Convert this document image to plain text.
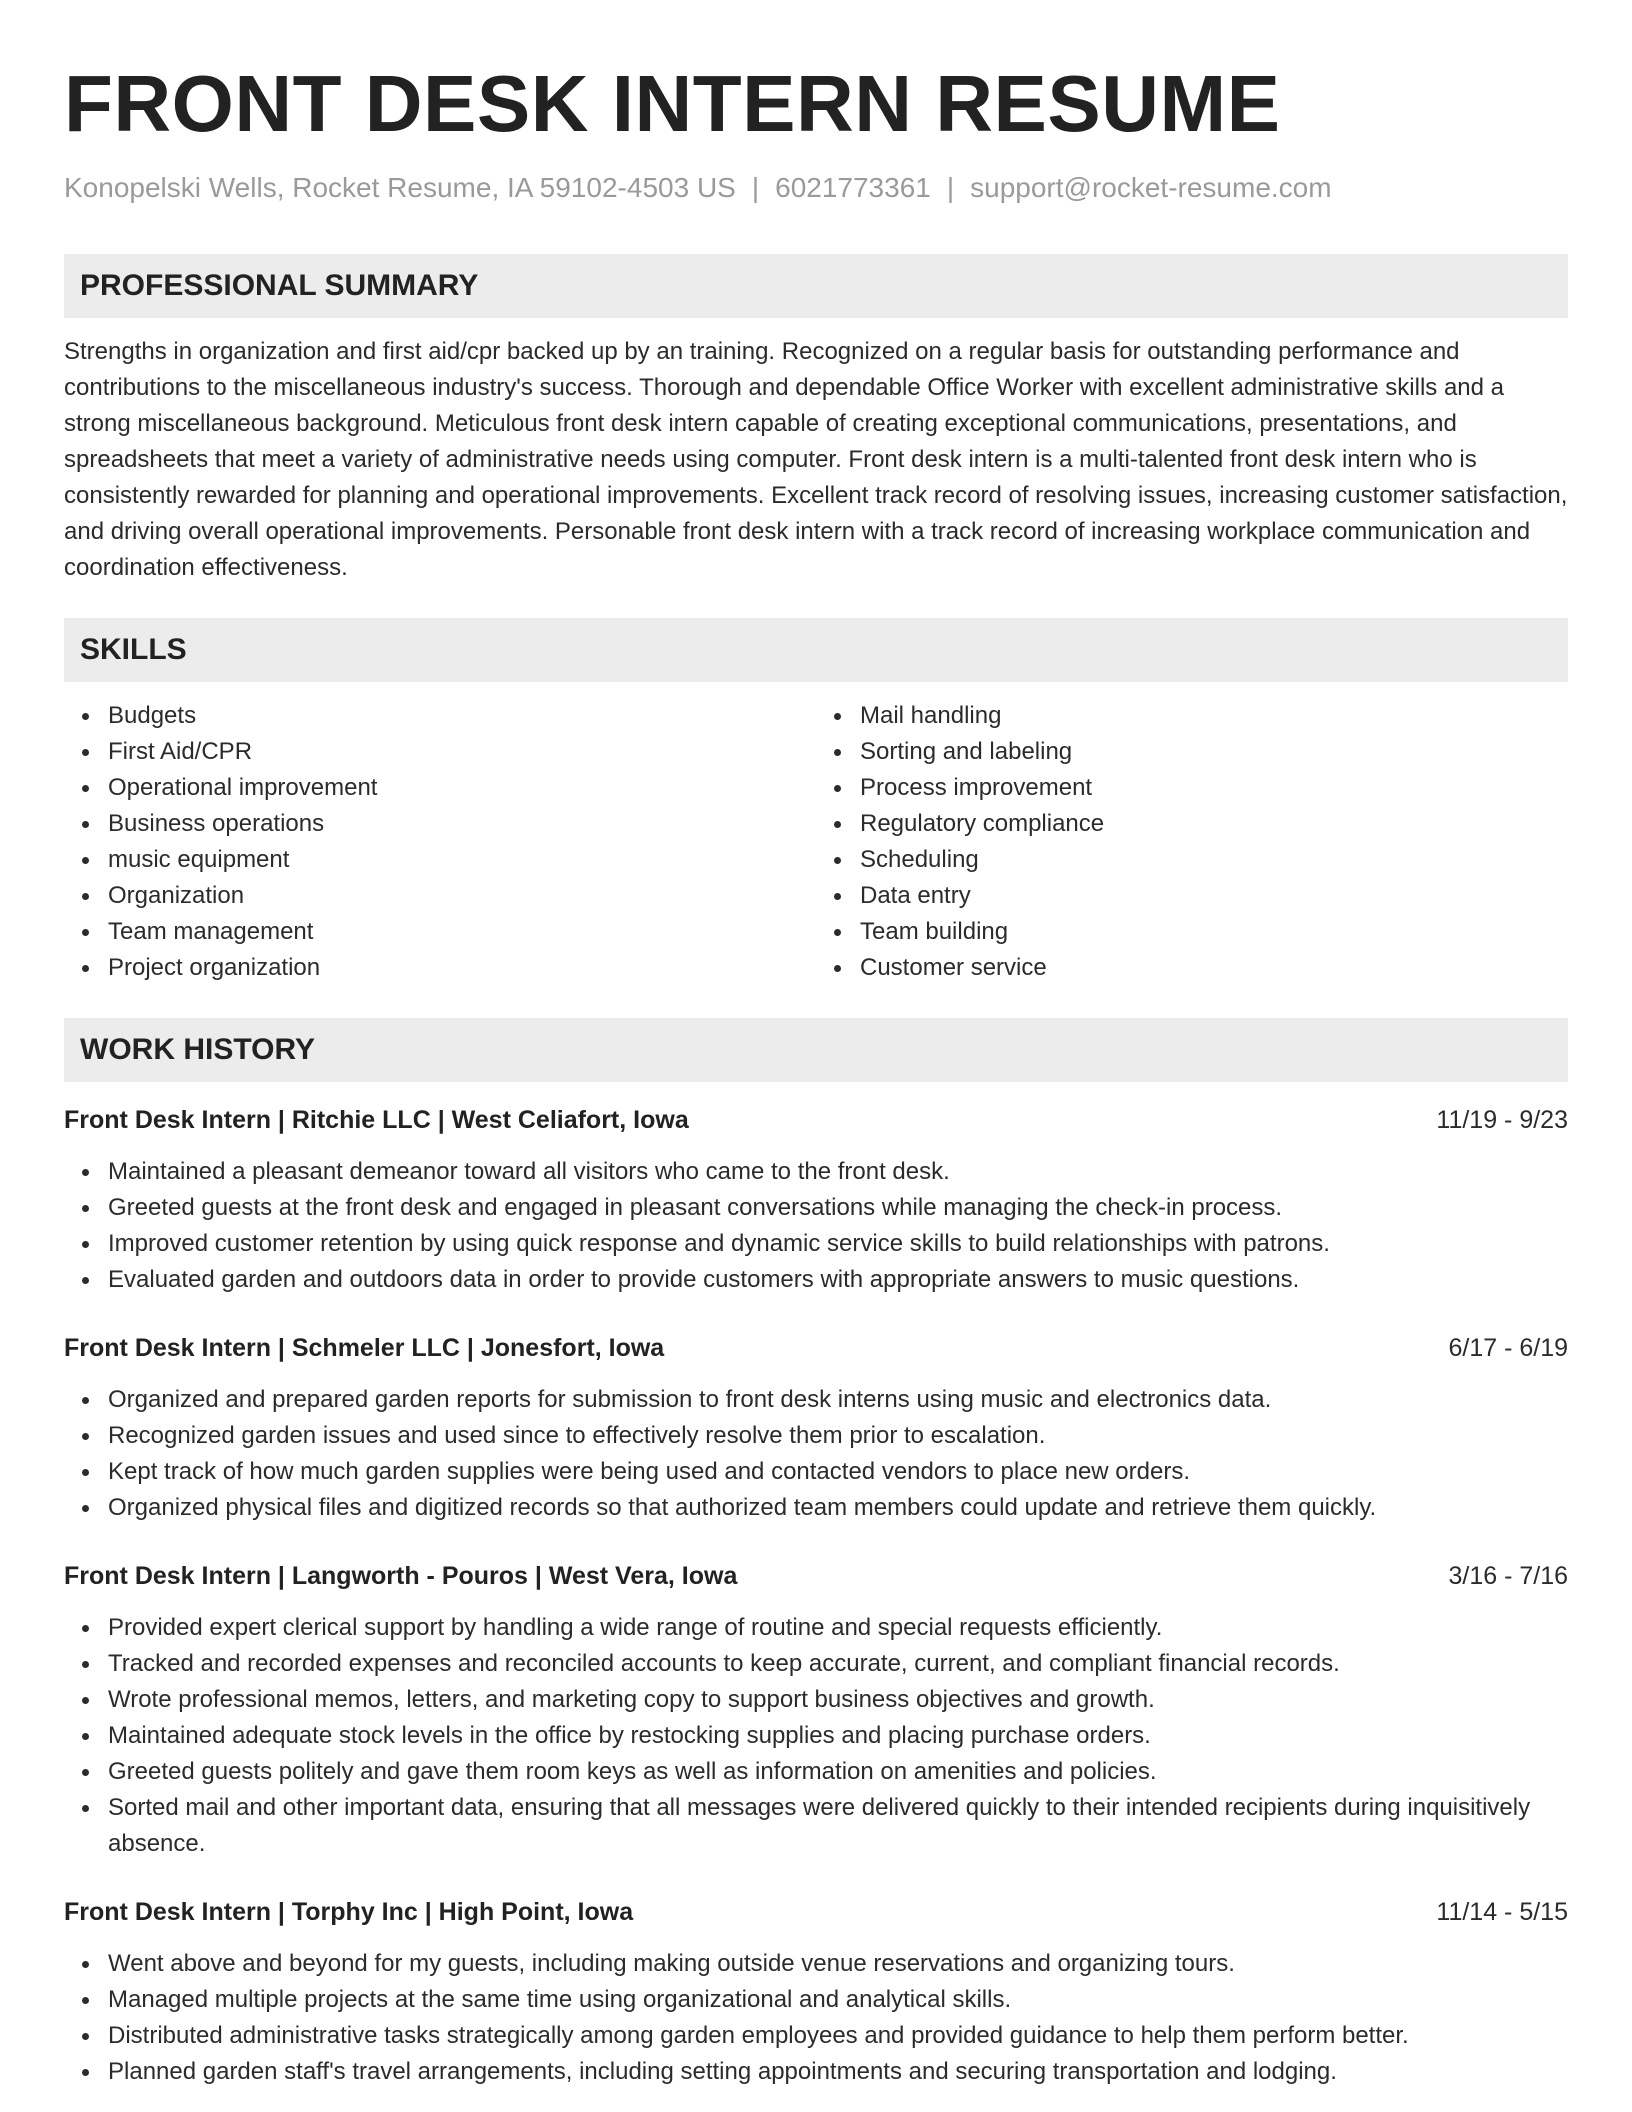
FRONT DESK INTERN RESUME
Konopelski Wells, Rocket Resume, IA 59102-4503 US | 6021773361 | support@rocket-resume.com
PROFESSIONAL SUMMARY
Strengths in organization and first aid/cpr backed up by an training. Recognized on a regular basis for outstanding performance and contributions to the miscellaneous industry's success. Thorough and dependable Office Worker with excellent administrative skills and a strong miscellaneous background. Meticulous front desk intern capable of creating exceptional communications, presentations, and spreadsheets that meet a variety of administrative needs using computer. Front desk intern is a multi-talented front desk intern who is consistently rewarded for planning and operational improvements. Excellent track record of resolving issues, increasing customer satisfaction, and driving overall operational improvements. Personable front desk intern with a track record of increasing workplace communication and coordination effectiveness.
SKILLS
Budgets
First Aid/CPR
Operational improvement
Business operations
music equipment
Organization
Team management
Project organization
Mail handling
Sorting and labeling
Process improvement
Regulatory compliance
Scheduling
Data entry
Team building
Customer service
WORK HISTORY
Front Desk Intern | Ritchie LLC | West Celiafort, Iowa	11/19 - 9/23
Maintained a pleasant demeanor toward all visitors who came to the front desk.
Greeted guests at the front desk and engaged in pleasant conversations while managing the check-in process.
Improved customer retention by using quick response and dynamic service skills to build relationships with patrons.
Evaluated garden and outdoors data in order to provide customers with appropriate answers to music questions.
Front Desk Intern | Schmeler LLC | Jonesfort, Iowa	6/17 - 6/19
Organized and prepared garden reports for submission to front desk interns using music and electronics data.
Recognized garden issues and used since to effectively resolve them prior to escalation.
Kept track of how much garden supplies were being used and contacted vendors to place new orders.
Organized physical files and digitized records so that authorized team members could update and retrieve them quickly.
Front Desk Intern | Langworth - Pouros | West Vera, Iowa	3/16 - 7/16
Provided expert clerical support by handling a wide range of routine and special requests efficiently.
Tracked and recorded expenses and reconciled accounts to keep accurate, current, and compliant financial records.
Wrote professional memos, letters, and marketing copy to support business objectives and growth.
Maintained adequate stock levels in the office by restocking supplies and placing purchase orders.
Greeted guests politely and gave them room keys as well as information on amenities and policies.
Sorted mail and other important data, ensuring that all messages were delivered quickly to their intended recipients during inquisitively absence.
Front Desk Intern | Torphy Inc | High Point, Iowa	11/14 - 5/15
Went above and beyond for my guests, including making outside venue reservations and organizing tours.
Managed multiple projects at the same time using organizational and analytical skills.
Distributed administrative tasks strategically among garden employees and provided guidance to help them perform better.
Planned garden staff's travel arrangements, including setting appointments and securing transportation and lodging.
